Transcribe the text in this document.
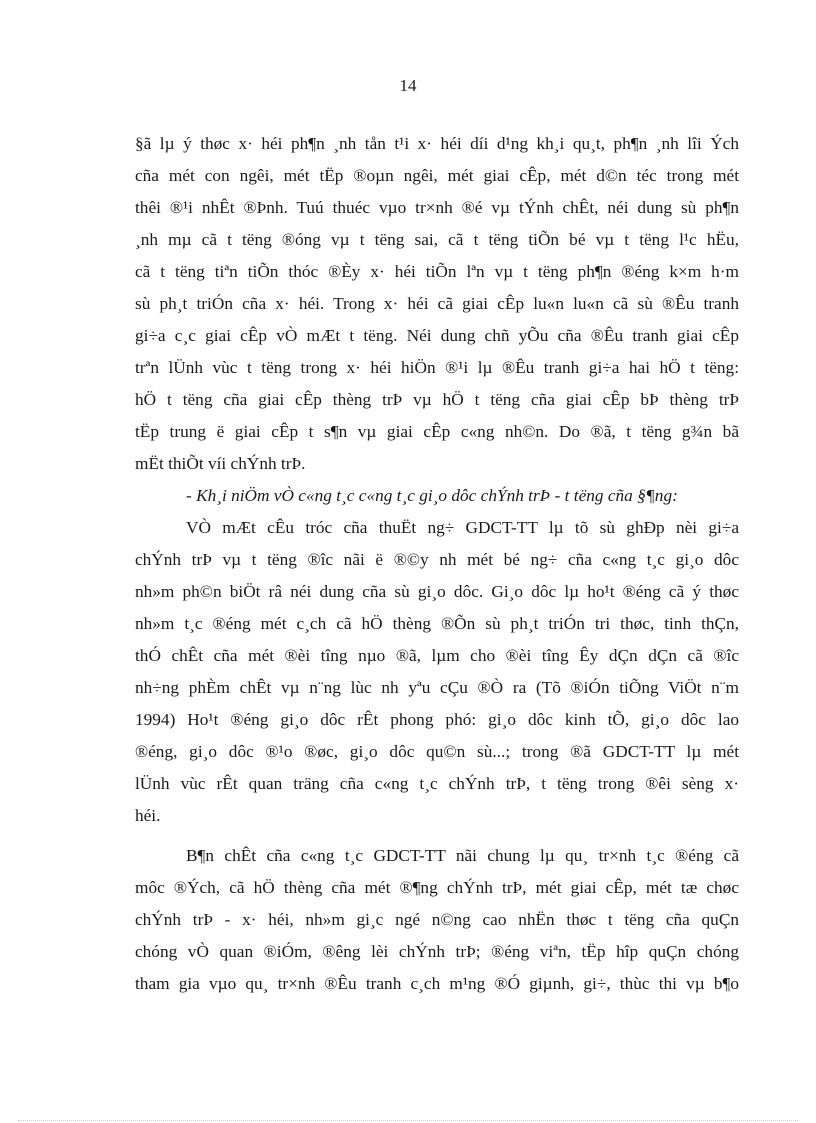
14
§ã lµ ý thøc x· héi ph¶n ¸nh tån t¹i x· héi díi d¹ng kh¸i qu¸t, ph¶n ¸nh lîi Ých
cña mét con ngêi, mét tËp ®oµn ngêi, mét giai cÊp, mét d©n téc trong mét
thêi ®¹i nhÊt ®Þnh. Tuú thuéc vµo tr×nh ®é vµ tÝnh chÊt, néi dung sù ph¶n
¸nh mµ cã t tëng ®óng vµ t tëng sai, cã t tëng tiÕn bé vµ t tëng l¹c hËu,
cã t tëng tiªn tiÕn thóc ®Èy x· héi tiÕn lªn vµ t tëng ph¶n ®éng k×m h·m
sù ph¸t triÓn cña x· héi. Trong x· héi cã giai cÊp lu«n lu«n cã sù ®Êu tranh
gi÷a c¸c giai cÊp vÒ mÆt t tëng. Néi dung chñ yÕu cña ®Êu tranh giai cÊp
trªn lÜnh vùc t tëng trong x· héi hiÖn ®¹i lµ ®Êu tranh gi÷a hai hÖ t tëng:
hÖ t tëng cña giai cÊp thèng trÞ vµ hÖ t tëng cña giai cÊp bÞ thèng trÞ
tËp trung ë giai cÊp t s¶n vµ giai cÊp c«ng nh©n. Do ®ã, t tëng g¾n bã
mËt thiÕt víi chÝnh trÞ.
- Kh¸i niÖm vÒ c«ng t¸c c«ng t¸c gi¸o dôc chÝnh trÞ - t tëng cña §¶ng:
VÒ mÆt cÊu tróc cña thuËt ng÷ GDCT-TT lµ tõ sù ghÐp nèi gi÷a
chÝnh trÞ vµ t tëng ®îc nãi ë ®©y nh mét bé ng÷ cña c«ng t¸c gi¸o dôc
nh»m ph©n biÖt râ néi dung cña sù gi¸o dôc. Gi¸o dôc lµ ho¹t ®éng cã ý thøc
nh»m t¸c ®éng mét c¸ch cã hÖ thèng ®Õn sù ph¸t triÓn tri thøc, tinh thÇn,
thÓ chÊt cña mét ®èi tîng nµo ®ã, lµm cho ®èi tîng Êy dÇn dÇn cã ®îc
nh÷ng phÈm chÊt vµ n¨ng lùc nh yªu cÇu ®Ò ra (Tõ ®iÓn tiÕng ViÖt n¨m
1994) Ho¹t ®éng gi¸o dôc rÊt phong phó: gi¸o dôc kinh tÕ, gi¸o dôc lao
®éng, gi¸o dôc ®¹o ®øc, gi¸o dôc qu©n sù...; trong ®ã GDCT-TT lµ mét
lÜnh vùc rÊt quan träng cña c«ng t¸c chÝnh trÞ, t tëng trong ®êi sèng x·
héi.
B¶n chÊt cña c«ng t¸c GDCT-TT nãi chung lµ qu¸ tr×nh t¸c ®éng cã
môc ®Ých, cã hÖ thèng cña mét ®¶ng chÝnh trÞ, mét giai cÊp, mét tæ chøc
chÝnh trÞ - x· héi, nh»m gi¸c ngé n©ng cao nhËn thøc t tëng cña quÇn
chóng vÒ quan ®iÓm, ®êng lèi chÝnh trÞ; ®éng viªn, tËp hîp quÇn chóng
tham gia vµo qu¸ tr×nh ®Êu tranh c¸ch m¹ng ®Ó giµnh, gi÷, thùc thi vµ b¶o
